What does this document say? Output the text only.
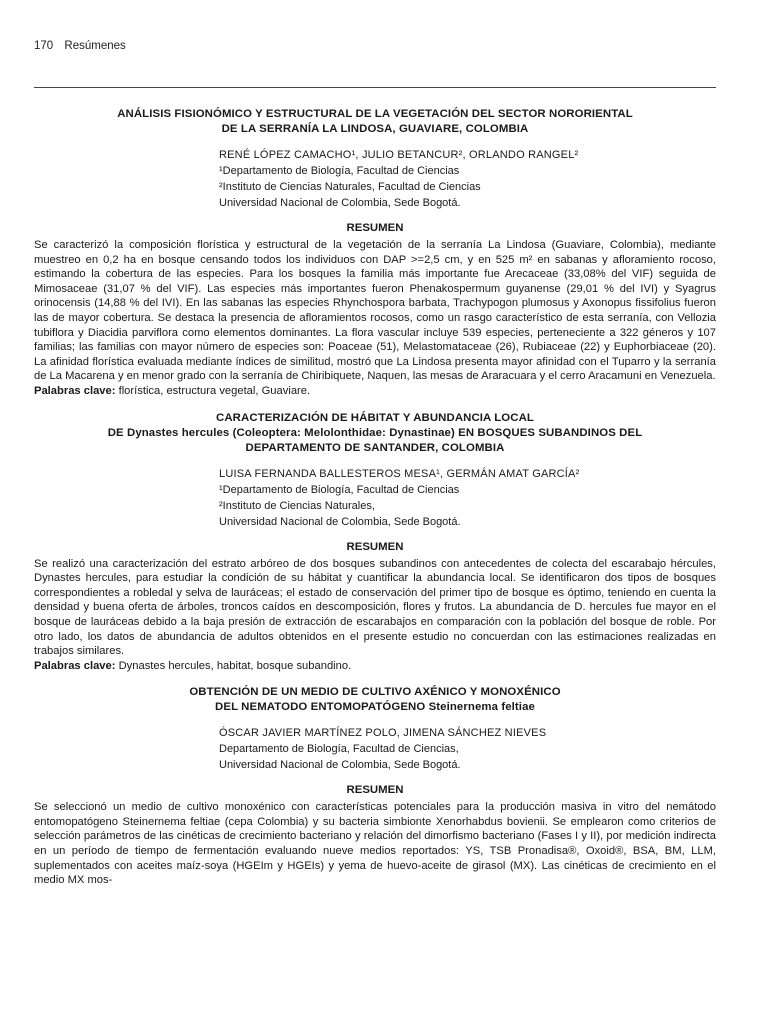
170 Resúmenes

ANÁLISIS FISIONÓMICO Y ESTRUCTURAL DE LA VEGETACIÓN DEL SECTOR NORORIENTAL
DE LA SERRANÍA LA LINDOSA, GUAVIARE, COLOMBIA

RENÉ LÓPEZ CAMACHO¹, JULIO BETANCUR², ORLANDO RANGEL²
¹Departamento de Biología, Facultad de Ciencias
²Instituto de Ciencias Naturales, Facultad de Ciencias
Universidad Nacional de Colombia, Sede Bogotá.
RESUMEN

Se caracterizó la composición florística y estructural de la vegetación de la serranía La Lindosa (Guaviare, Colombia), mediante muestreo en 0,2 ha en bosque censando todos los individuos con DAP >=2,5 cm, y en 525 m² en sabanas y afloramiento rocoso, estimando la cobertura de las especies. Para los bosques la familia más importante fue Arecaceae (33,08% del VIF) seguida de Mimosaceae (31,07 % del VIF). Las especies más importantes fueron Phenakospermum guyanense (29,01 % del IVI) y Syagrus orinocensis (14,88 % del IVI). En las sabanas las especies Rhynchospora barbata, Trachypogon plumosus y Axonopus fissifolius fueron las de mayor cobertura. Se destaca la presencia de afloramientos rocosos, como un rasgo característico de esta serranía, con Vellozia tubiflora y Diacidia parviflora como elementos dominantes. La flora vascular incluye 539 especies, perteneciente a 322 géneros y 107 familias; las familias con mayor número de especies son: Poaceae (51), Melastomataceae (26), Rubiaceae (22) y Euphorbiaceae (20). La afinidad florística evaluada mediante índices de similitud, mostró que La Lindosa presenta mayor afinidad con el Tuparro y la serranía de La Macarena y en menor grado con la serranía de Chiribiquete, Naquen, las mesas de Araracuara y el cerro Aracamuni en Venezuela.

Palabras clave: florística, estructura vegetal, Guaviare.

CARACTERIZACIÓN DE HÁBITAT Y ABUNDANCIA LOCAL
DE Dynastes hercules (Coleoptera: Melolonthidae: Dynastinae) EN BOSQUES SUBANDINOS DEL
DEPARTAMENTO DE SANTANDER, COLOMBIA

LUISA FERNANDA BALLESTEROS MESA¹, GERMÁN AMAT GARCÍA²
¹Departamento de Biología, Facultad de Ciencias
²Instituto de Ciencias Naturales,
Universidad Nacional de Colombia, Sede Bogotá.
RESUMEN

Se realizó una caracterización del estrato arbóreo de dos bosques subandinos con antecedentes de colecta del escarabajo hércules, Dynastes hercules, para estudiar la condición de su hábitat y cuantificar la abundancia local. Se identificaron dos tipos de bosques correspondientes a robledal y selva de lauráceas; el estado de conservación del primer tipo de bosque es óptimo, teniendo en cuenta la densidad y buena oferta de árboles, troncos caídos en descomposición, flores y frutos. La abundancia de D. hercules fue mayor en el bosque de lauráceas debido a la baja presión de extracción de escarabajos en comparación con la población del bosque de roble. Por otro lado, los datos de abundancia de adultos obtenidos en el presente estudio no concuerdan con las estimaciones realizadas en trabajos similares.

Palabras clave: Dynastes hercules, habitat, bosque subandino.

OBTENCIÓN DE UN MEDIO DE CULTIVO AXÉNICO Y MONOXÉNICO
DEL NEMATODO ENTOMOPATÓGENO Steinernema feltiae

ÓSCAR JAVIER MARTÍNEZ POLO, JIMENA SÁNCHEZ NIEVES
Departamento de Biología, Facultad de Ciencias,
Universidad Nacional de Colombia, Sede Bogotá.
RESUMEN

Se seleccionó un medio de cultivo monoxénico con características potenciales para la producción masiva in vitro del nemátodo entomopatógeno Steinernema feltiae (cepa Colombia) y su bacteria simbionte Xenorhabdus bovienii. Se emplearon como criterios de selección parámetros de las cinéticas de crecimiento bacteriano y relación del dimorfismo bacteriano (Fases I y II), por medición indirecta en un período de tiempo de fermentación evaluando nueve medios reportados: YS, TSB Pronadisa®, Oxoid®, BSA, BM, LLM, suplementados con aceites maíz-soya (HGEIm y HGEIs) y yema de huevo-aceite de girasol (MX). Las cinéticas de crecimiento en el medio MX mos-
